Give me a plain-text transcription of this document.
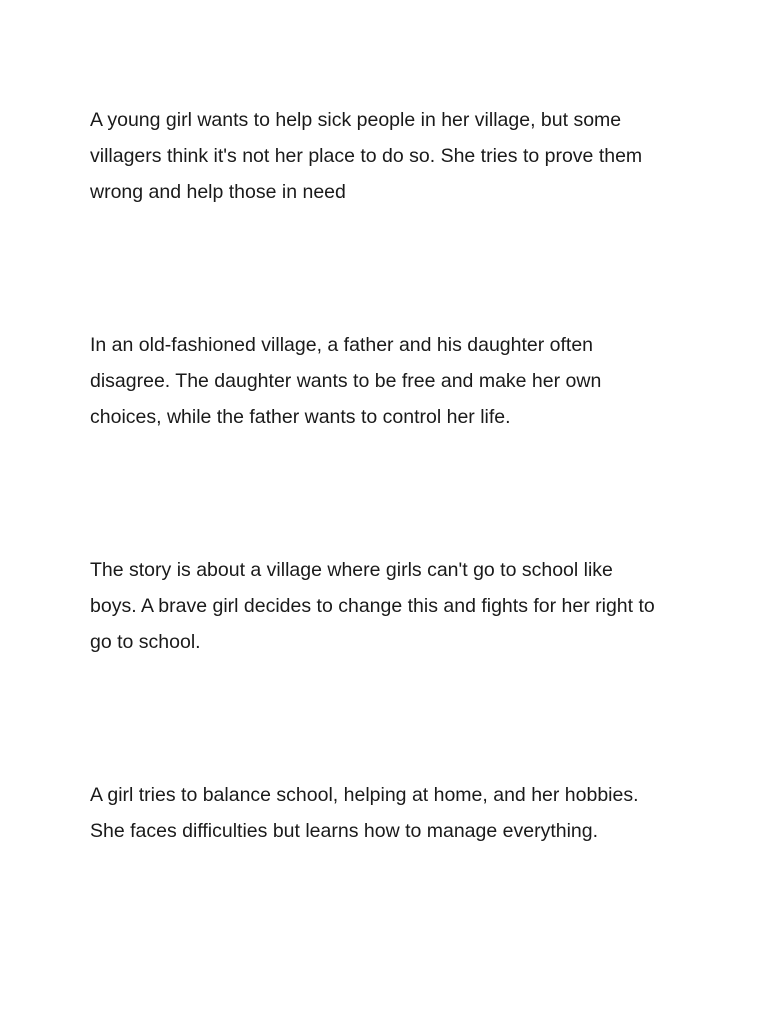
A young girl wants to help sick people in her village, but some
villagers think it's not her place to do so. She tries to prove them
wrong and help those in need

In an old-fashioned village, a father and his daughter often
disagree. The daughter wants to be free and make her own
choices, while the father wants to control her life.

The story is about a village where girls can't go to school like
boys. A brave girl decides to change this and fights for her right to
go to school.

A girl tries to balance school, helping at home, and her hobbies.
She faces difficulties but learns how to manage everything.
